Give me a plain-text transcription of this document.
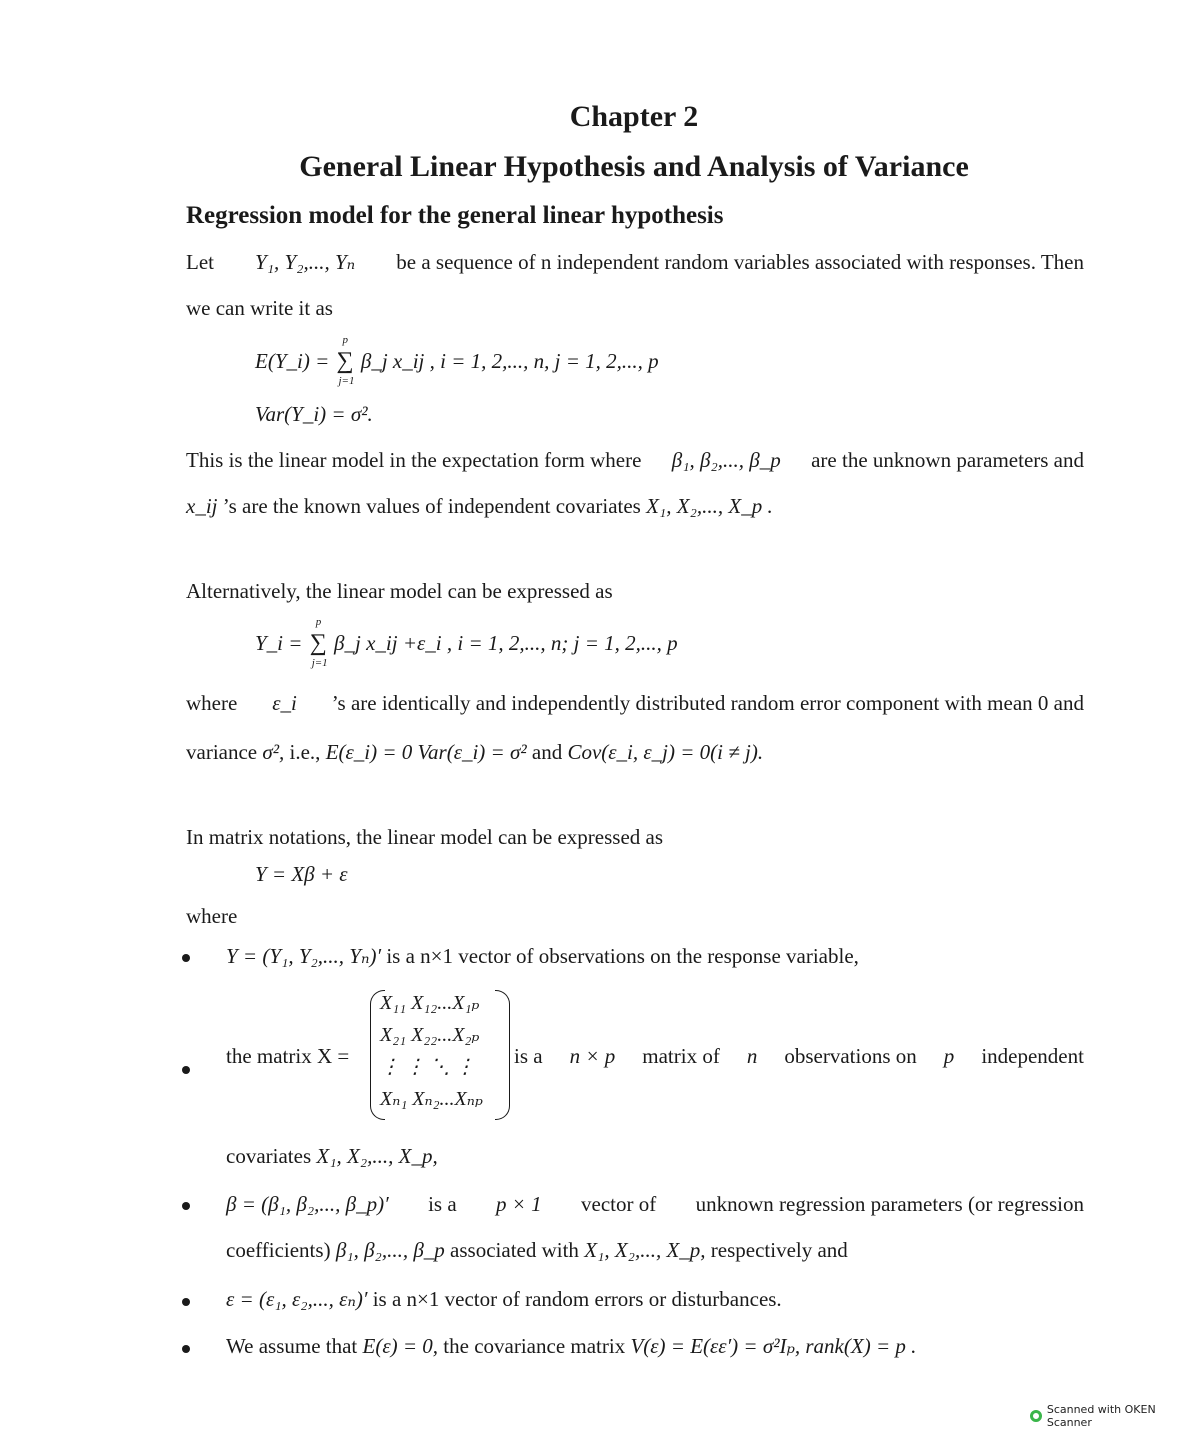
Chapter 2
General Linear Hypothesis and Analysis of Variance
Regression model for the general linear hypothesis
Let Y₁, Y₂,..., Yₙ be a sequence of n independent random variables associated with responses. Then
we can write it as
E(Y_i) = ∑
p
j=1
β_j x_ij , i = 1, 2,..., n, j = 1, 2,..., p
Var(Y_i) = σ².
This is the linear model in the expectation form where β₁, β₂,..., β_p are the unknown parameters and
x_ij ’s are the known values of independent covariates X₁, X₂,..., X_p .
Alternatively, the linear model can be expressed as
Y_i = ∑
p
j=1
β_j x_ij +ε_i , i = 1, 2,..., n; j = 1, 2,..., p
where ε_i ’s are identically and independently distributed random error component with mean 0 and
variance σ², i.e., E(ε_i) = 0 Var(ε_i) = σ² and Cov(ε_i, ε_j) = 0(i ≠ j).
In matrix notations, the linear model can be expressed as
Y = Xβ + ε
where
Y = (Y₁, Y₂,..., Yₙ)′ is a n×1 vector of observations on the response variable,
the matrix X =
X₁₁ X₁₂...X₁ₚ
X₂₁ X₂₂...X₂ₚ
⋮ ⋮ ⋱ ⋮
Xₙ₁ Xₙ₂...Xₙₚ
is a n × p matrix of n observations on p independent
covariates X₁, X₂,..., X_p,
β = (β₁, β₂,..., β_p)′ is a p × 1 vector of unknown regression parameters (or regression
coefficients) β₁, β₂,..., β_p associated with X₁, X₂,..., X_p, respectively and
ε = (ε₁, ε₂,..., εₙ)′ is a n×1 vector of random errors or disturbances.
We assume that E(ε) = 0, the covariance matrix V(ε) = E(εε′) = σ²Iₚ, rank(X) = p .
Scanned with OKEN Scanner
